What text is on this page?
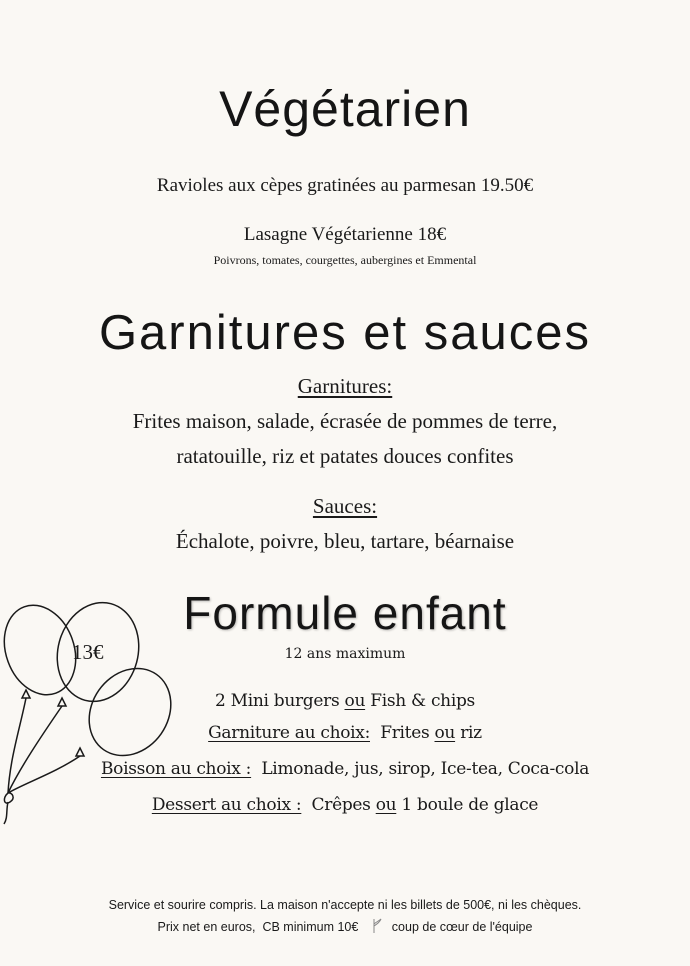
Végétarien
Ravioles aux cèpes gratinées au parmesan 19.50€
Lasagne Végétarienne 18€
Poivrons, tomates, courgettes, aubergines et Emmental
Garnitures et sauces
Garnitures:
Frites maison, salade, écrasée de pommes de terre,
ratatouille, riz et patates douces confites
Sauces:
Échalote, poivre, bleu, tartare, béarnaise
13€
Formule enfant
12 ans maximum
2 Mini burgers ou Fish & chips
Garniture au choix:  Frites ou riz
Boisson au choix :  Limonade, jus, sirop, Ice-tea, Coca-cola
Dessert au choix :  Crêpes ou 1 boule de glace
Service et sourire compris. La maison n'accepte ni les billets de 500€, ni les chèques.
Prix net en euros,  CB minimum 10€	coup de cœur de l'équipe
